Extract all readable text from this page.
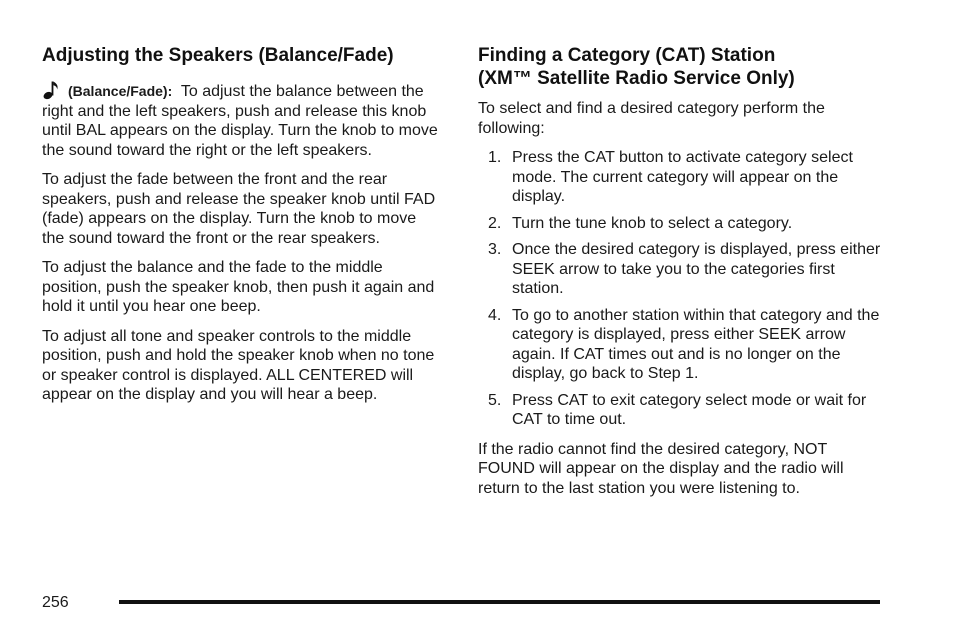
Adjusting the Speakers (Balance/Fade)

(Balance/Fade): To adjust the balance between the right and the left speakers, push and release this knob until BAL appears on the display. Turn the knob to move the sound toward the right or the left speakers.

To adjust the fade between the front and the rear speakers, push and release the speaker knob until FAD (fade) appears on the display. Turn the knob to move the sound toward the front or the rear speakers.

To adjust the balance and the fade to the middle position, push the speaker knob, then push it again and hold it until you hear one beep.

To adjust all tone and speaker controls to the middle position, push and hold the speaker knob when no tone or speaker control is displayed. ALL CENTERED will appear on the display and you will hear a beep.

Finding a Category (CAT) Station
(XM™ Satellite Radio Service Only)

To select and find a desired category perform the following:

1. Press the CAT button to activate category select mode. The current category will appear on the display.
2. Turn the tune knob to select a category.
3. Once the desired category is displayed, press either SEEK arrow to take you to the categories first station.
4. To go to another station within that category and the category is displayed, press either SEEK arrow again. If CAT times out and is no longer on the display, go back to Step 1.
5. Press CAT to exit category select mode or wait for CAT to time out.

If the radio cannot find the desired category, NOT FOUND will appear on the display and the radio will return to the last station you were listening to.

256
